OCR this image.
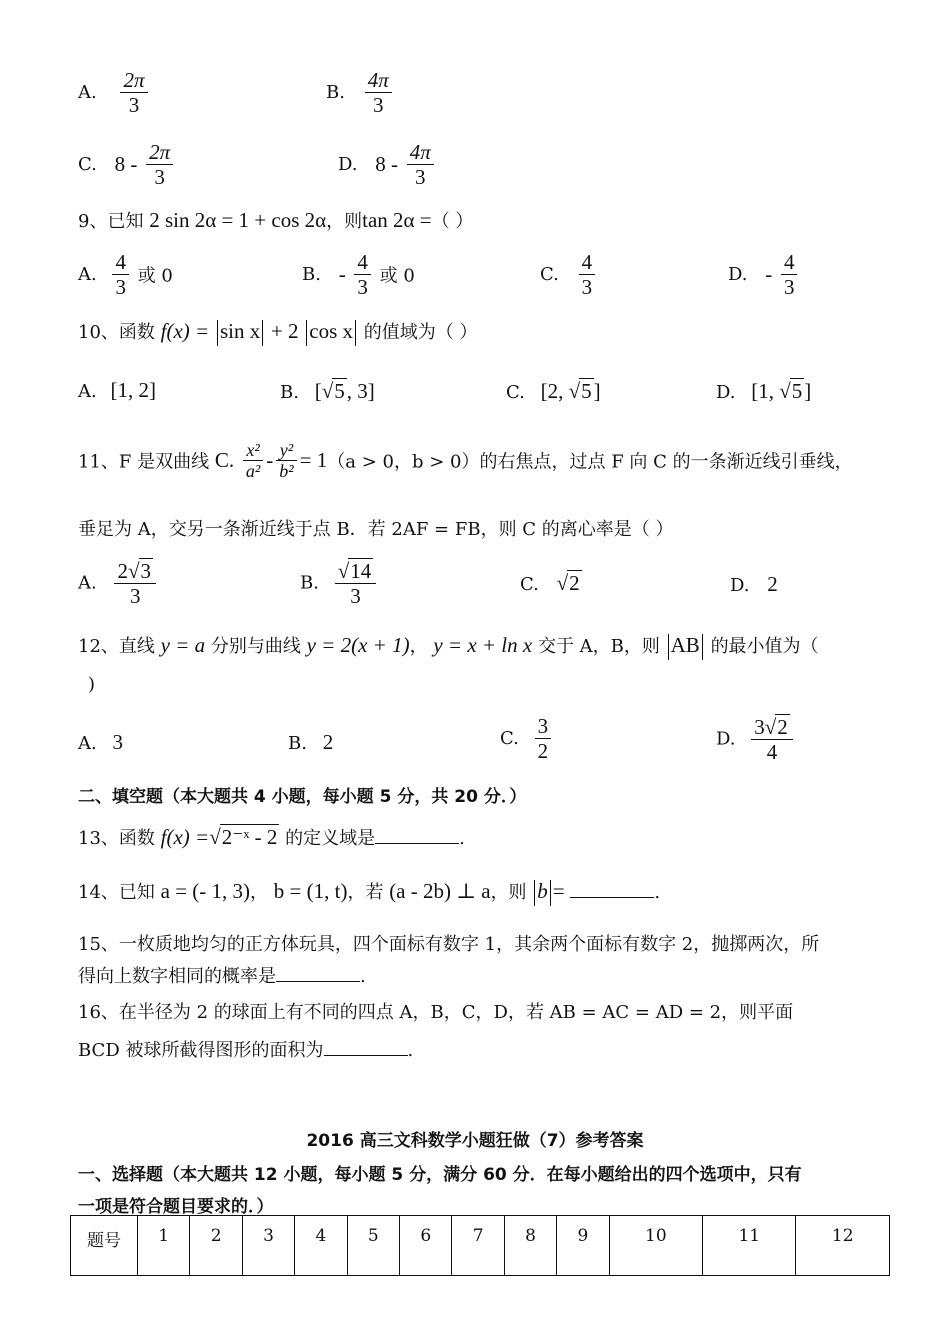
A. $\frac{2\pi}{3}$	B. $\frac{4\pi}{3}$
C. $8 - \frac{2\pi}{3}$	D. $8 - \frac{4\pi}{3}$
9、已知 2 sin 2α = 1 + cos 2α，则tan 2α =（ ）
A. $\frac{4}{3}$ 或 0	B. - $\frac{4}{3}$ 或 0	C. $\frac{4}{3}$	D. - $\frac{4}{3}$
10、函数 f(x) = sin x + 2 cos x 的值域为（ ）
A. [1, 2]	B. [√5, 3]	C. [2, √5]	D. [1, √5]
11、F 是双曲线 C. $\frac{\text{x²}}{\text{a²}} - \frac{\text{y²}}{\text{b²}} = 1(a > 0$，b > 0）的右焦点，过点 F 向 C 的一条渐近线引垂线，
垂足为 A，交另一条渐近线于点 B．若 2AF = FB，则 C 的离心率是（ ）
A. $\frac{2√3}{3}$	B. $\frac{√14}{3}$	C. √2	D. 2
12、直线 y = a 分别与曲线 y = 2(x + 1)， y = x + ln x 交于 A，B，则 AB 的最小值为（
)
A. 3	B. 2	C. $\frac{3}{2}$	D. $\frac{3√2}{4}$
二、填空题（本大题共 4 小题，每小题 5 分，共 20 分．）
13、函数 f(x) =√2⁻ˣ - 2 的定义域是	.
14、已知 a = (- 1, 3)， b = (1, t)，若 (a - 2b) ⊥ a，则 b =	.
15、一枚质地均匀的正方体玩具，四个面标有数字 1，其余两个面标有数字 2，抛掷两次，所
得向上数字相同的概率是	.
16、在半径为 2 的球面上有不同的四点 A，B，C，D，若 AB = AC = AD = 2，则平面
BCD 被球所截得图形的面积为	.
2016 高三文科数学小题狂做（7）参考答案
一、选择题（本大题共 12 小题，每小题 5 分，满分 60 分．在每小题给出的四个选项中，只有
一项是符合题目要求的．）
题号	1	2	3	4	5	6	7	8	9	10	11	12
